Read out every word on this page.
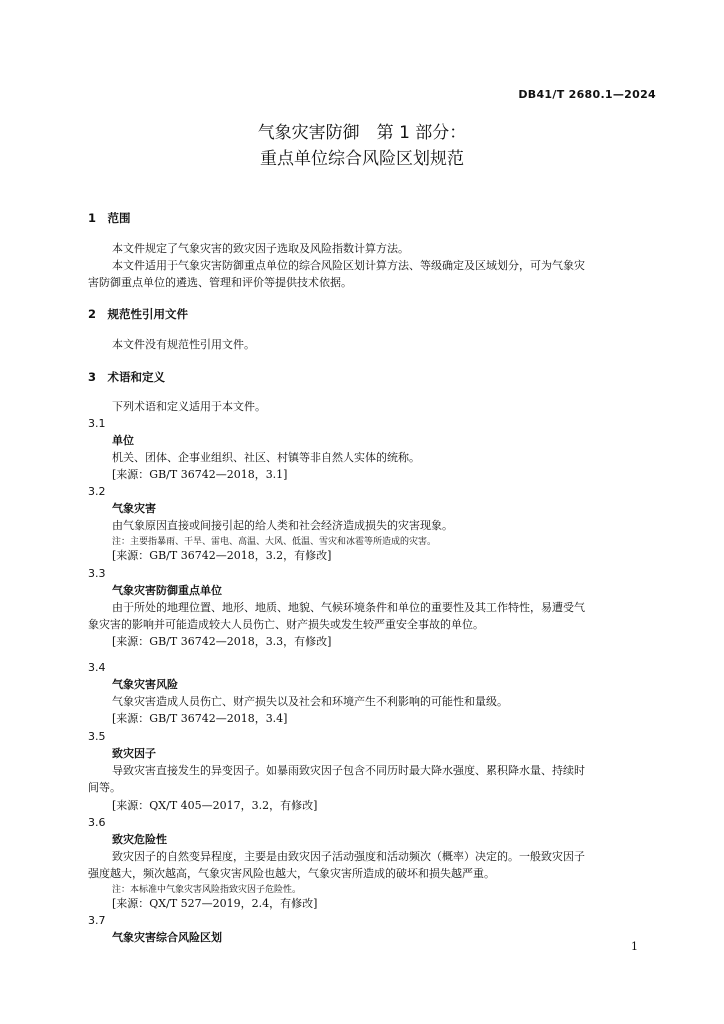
DB41/T 2680.1—2024
气象灾害防御　第 1 部分：
重点单位综合风险区划规范
1　范围
本文件规定了气象灾害的致灾因子选取及风险指数计算方法。
本文件适用于气象灾害防御重点单位的综合风险区划计算方法、等级确定及区域划分，可为气象灾
害防御重点单位的遴选、管理和评价等提供技术依据。
2　规范性引用文件
本文件没有规范性引用文件。
3　术语和定义
下列术语和定义适用于本文件。
3.1
单位
机关、团体、企事业组织、社区、村镇等非自然人实体的统称。
[来源：GB/T 36742—2018，3.1]
3.2
气象灾害
由气象原因直接或间接引起的给人类和社会经济造成损失的灾害现象。
注：主要指暴雨、干旱、雷电、高温、大风、低温、雪灾和冰雹等所造成的灾害。
[来源：GB/T 36742—2018，3.2，有修改]
3.3
气象灾害防御重点单位
由于所处的地理位置、地形、地质、地貌、气候环境条件和单位的重要性及其工作特性，易遭受气
象灾害的影响并可能造成较大人员伤亡、财产损失或发生较严重安全事故的单位。
[来源：GB/T 36742—2018，3.3，有修改]
3.4
气象灾害风险
气象灾害造成人员伤亡、财产损失以及社会和环境产生不利影响的可能性和量级。
[来源：GB/T 36742—2018，3.4]
3.5
致灾因子
导致灾害直接发生的异变因子。如暴雨致灾因子包含不同历时最大降水强度、累积降水量、持续时
间等。
[来源：QX/T 405—2017，3.2，有修改]
3.6
致灾危险性
致灾因子的自然变异程度，主要是由致灾因子活动强度和活动频次（概率）决定的。一般致灾因子
强度越大，频次越高，气象灾害风险也越大，气象灾害所造成的破坏和损失越严重。
注：本标准中气象灾害风险指致灾因子危险性。
[来源：QX/T 527—2019，2.4，有修改]
3.7
气象灾害综合风险区划
1
